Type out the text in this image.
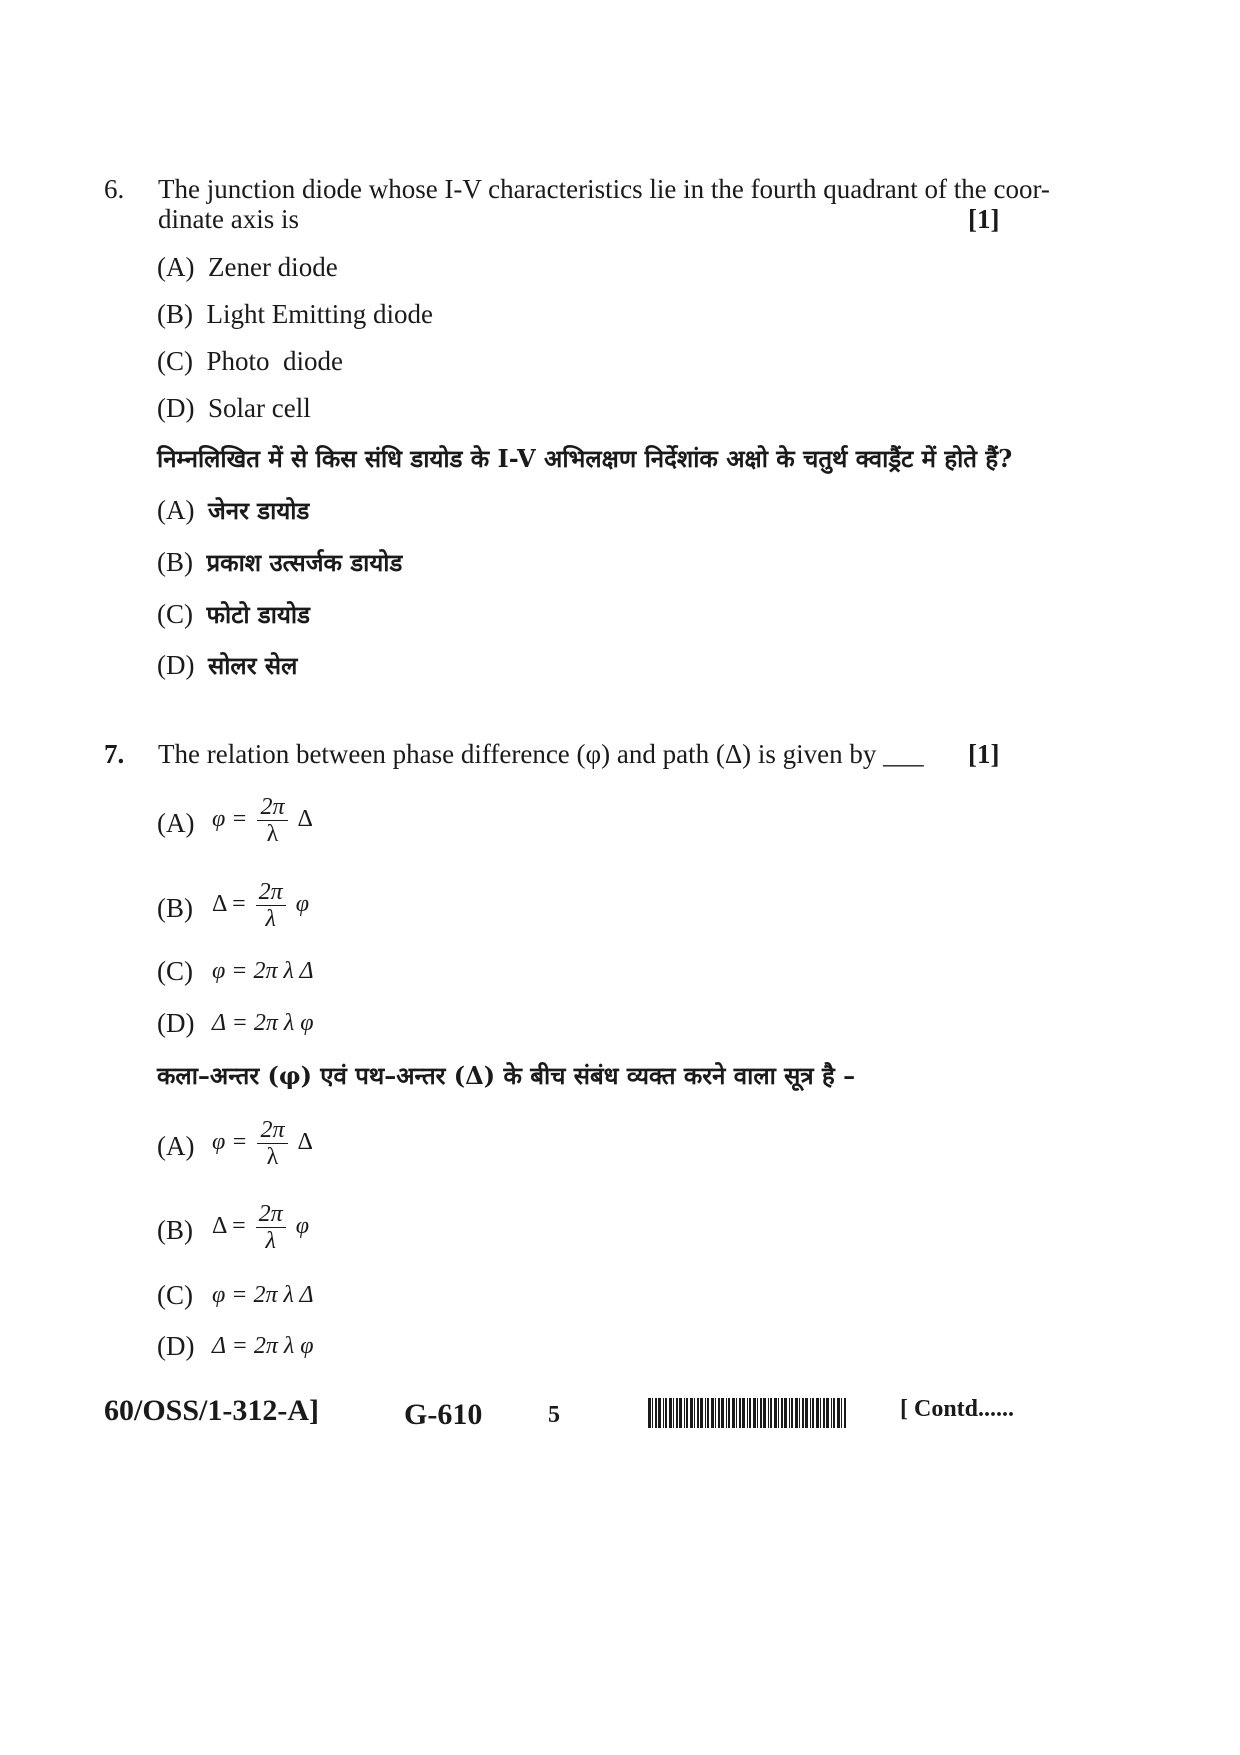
6. The junction diode whose I-V characteristics lie in the fourth quadrant of the coor-
dinate axis is	[1]
(A) Zener diode
(B) Light Emitting diode
(C) Photo  diode
(D) Solar cell
निम्नलिखित में से किस संधि डायोड के I-V अभिलक्षण निर्देशांक अक्षो के चतुर्थ क्वाड्रैंट में होते हैं?
(A) जेनर डायोड
(B) प्रकाश उत्सर्जक डायोड
(C) फोटो डायोड
(D) सोलर सेल
7. The relation between phase difference (φ) and path (Δ) is given by ___ [1]
(A) $\varphi = \frac{2\pi}{\lambda}$ Δ
(B) $\Delta = \frac{2\pi}{\lambda}$ φ
(C) φ = 2π λ Δ
(D) Δ = 2π λ φ
कला–अन्तर (φ) एवं पथ–अन्तर (Δ) के बीच संबंध व्यक्त करने वाला सूत्र है –
(A) $\varphi = \frac{2\pi}{\lambda}$ Δ
(B) $\Delta = \frac{2\pi}{\lambda}$ φ
(C) φ = 2π λ Δ
(D) Δ = 2π λ φ
60/OSS/1-312-A]	G-610	5	[ Contd......
